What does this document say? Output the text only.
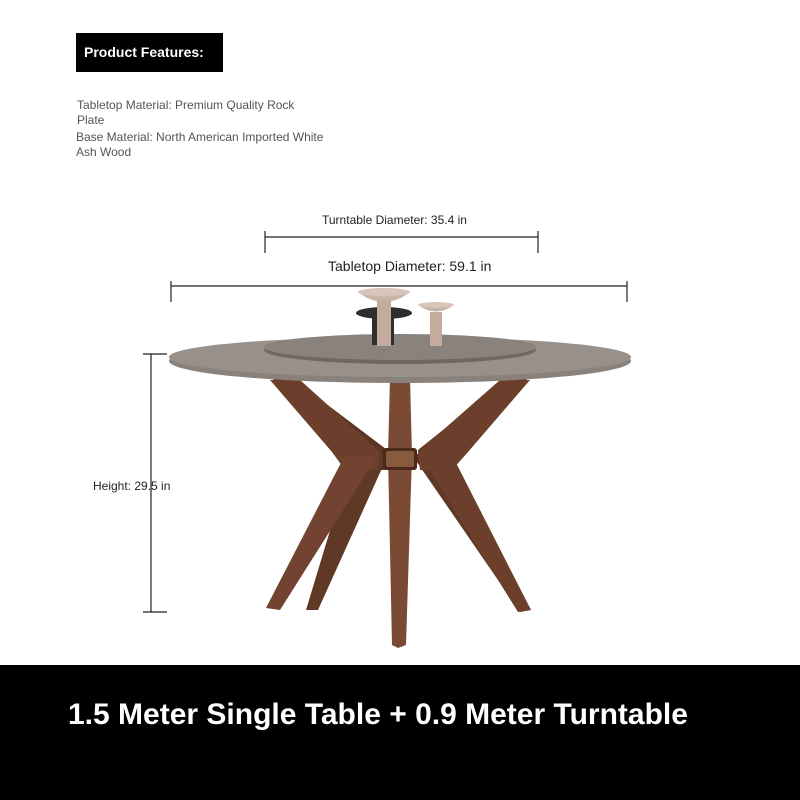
Product Features:
Tabletop Material: Premium Quality Rock Plate
Base Material: North American Imported White Ash Wood
Turntable Diameter: 35.4 in
Tabletop Diameter: 59.1 in
Height: 29.5 in
1.5 Meter Single Table + 0.9 Meter Turntable
